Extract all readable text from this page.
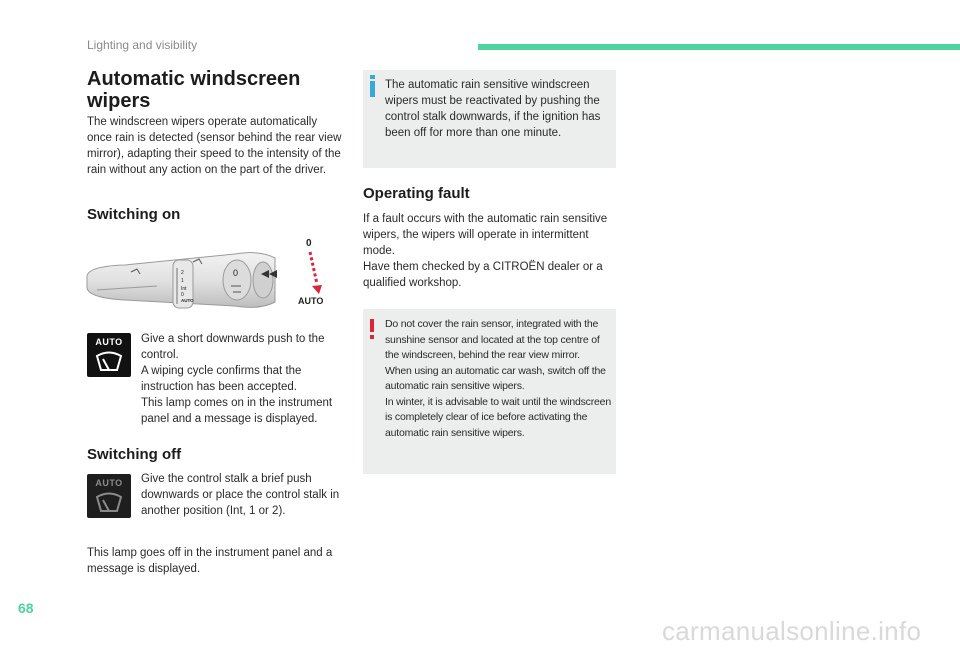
Lighting and visibility
Automatic windscreen wipers
The windscreen wipers operate automatically once rain is detected (sensor behind the rear view mirror), adapting their speed to the intensity of the rain without any action on the part of the driver.
Switching on
2
1
Int
0
AUTO
0
0
AUTO
AUTO	Give a short downwards push to the control.
A wiping cycle confirms that the instruction has been accepted.
This lamp comes on in the instrument panel and a message is displayed.
Switching off
AUTO	Give the control stalk a brief push downwards or place the control stalk in another position (Int, 1 or 2).
This lamp goes off in the instrument panel and a message is displayed.
The automatic rain sensitive windscreen wipers must be reactivated by pushing the control stalk downwards, if the ignition has been off for more than one minute.
Operating fault
If a fault occurs with the automatic rain sensitive wipers, the wipers will operate in intermittent mode.
Have them checked by a CITROËN dealer or a qualified workshop.
Do not cover the rain sensor, integrated with the sunshine sensor and located at the top centre of the windscreen, behind the rear view mirror.
When using an automatic car wash, switch off the automatic rain sensitive wipers.
In winter, it is advisable to wait until the windscreen is completely clear of ice before activating the automatic rain sensitive wipers.
68
carmanualsonline.info
